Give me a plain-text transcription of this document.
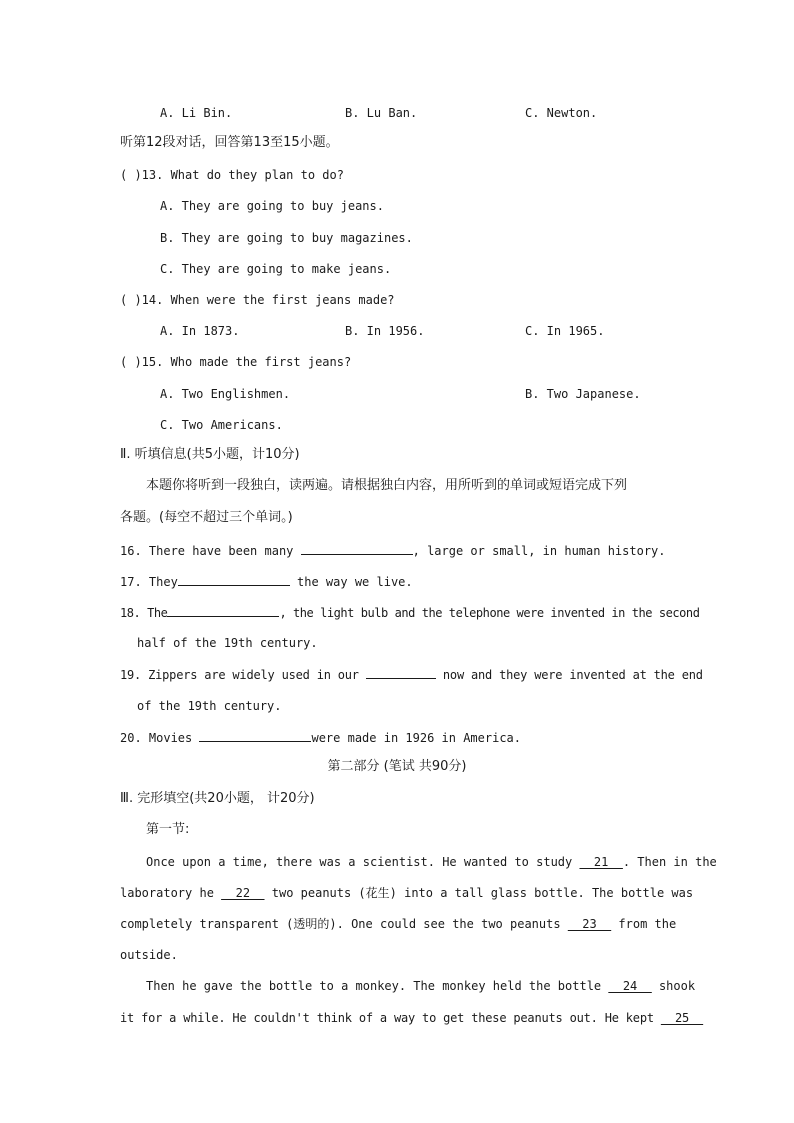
A. Li Bin.	B. Lu Ban.	C. Newton.
听第12段对话，回答第13至15小题。
( )13. What do they plan to do?
A. They are going to buy jeans.
B. They are going to buy magazines.
C. They are going to make jeans.
( )14. When were the first jeans made?
A. In 1873.	B. In 1956.	C. In 1965.
( )15. Who made the first jeans?
A. Two Englishmen.	B. Two Japanese.
C. Two Americans.
Ⅱ. 听填信息(共5小题，计10分)
本题你将听到一段独白，读两遍。请根据独白内容，用所听到的单词或短语完成下列
各题。(每空不超过三个单词。)
16. There have been many	, large or small, in human history.
17. They	the way we live.
18. The	, the light bulb and the telephone were invented in the second
half of the 19th century.
19. Zippers are widely used in our	now and they were invented at the end
of the 19th century.
20. Movies	were made in 1926 in America.
第二部分 (笔试 共90分)
Ⅲ. 完形填空(共20小题， 计20分)
第一节:
Once upon a time, there was a scientist. He wanted to study __21__. Then in the
laboratory he __22__ two peanuts (花生) into a tall glass bottle. The bottle was
completely transparent (透明的). One could see the two peanuts __23__ from the
outside.
Then he gave the bottle to a monkey. The monkey held the bottle __24__ shook
it for a while. He couldn't think of a way to get these peanuts out. He kept __25__
